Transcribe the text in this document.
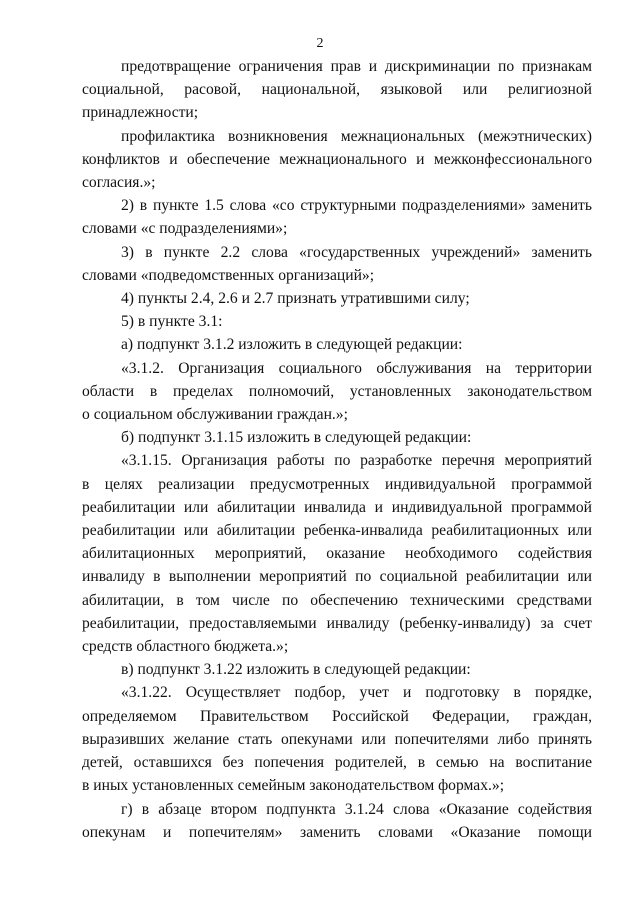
2

предотвращение ограничения прав и дискриминации по признакам

социальной, расовой, национальной, языковой или религиозной

принадлежности;

профилактика возникновения межнациональных (межэтнических)

конфликтов и обеспечение межнационального и межконфессионального

согласия.»;

2) в пункте 1.5 слова «со структурными подразделениями» заменить

словами «с подразделениями»;

3) в пункте 2.2 слова «государственных учреждений» заменить

словами «подведомственных организаций»;

4) пункты 2.4, 2.6 и 2.7 признать утратившими силу;

5) в пункте 3.1:

а) подпункт 3.1.2 изложить в следующей редакции:

«3.1.2. Организация социального обслуживания на территории

области в пределах полномочий, установленных законодательством

о социальном обслуживании граждан.»;

б) подпункт 3.1.15 изложить в следующей редакции:

«3.1.15. Организация работы по разработке перечня мероприятий

в целях реализации предусмотренных индивидуальной программой

реабилитации или абилитации инвалида и индивидуальной программой

реабилитации или абилитации ребенка-инвалида реабилитационных или

абилитационных мероприятий, оказание необходимого содействия

инвалиду в выполнении мероприятий по социальной реабилитации или

абилитации, в том числе по обеспечению техническими средствами

реабилитации, предоставляемыми инвалиду (ребенку-инвалиду) за счет

средств областного бюджета.»;

в) подпункт 3.1.22 изложить в следующей редакции:

«3.1.22. Осуществляет подбор, учет и подготовку в порядке,

определяемом Правительством Российской Федерации, граждан,

выразивших желание стать опекунами или попечителями либо принять

детей, оставшихся без попечения родителей, в семью на воспитание

в иных установленных семейным законодательством формах.»;

г) в абзаце втором подпункта 3.1.24 слова «Оказание содействия

опекунам и попечителям» заменить словами «Оказание помощи
